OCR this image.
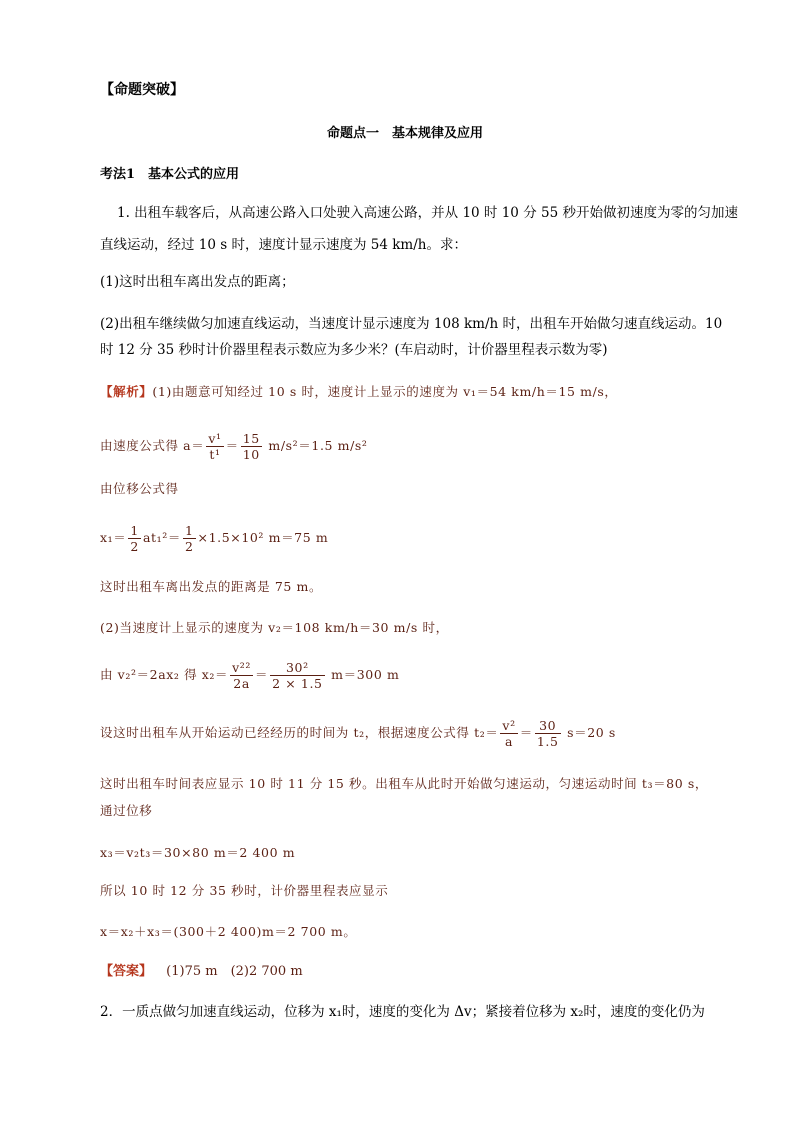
【命题突破】
命题点一　基本规律及应用
考法1　基本公式的应用
1. 出租车载客后，从高速公路入口处驶入高速公路，并从 10 时 10 分 55 秒开始做初速度为零的匀加速
直线运动，经过 10 s 时，速度计显示速度为 54 km/h。求：
(1)这时出租车离出发点的距离；
(2)出租车继续做匀加速直线运动，当速度计显示速度为 108 km/h 时，出租车开始做匀速直线运动。10
时 12 分 35 秒时计价器里程表示数应为多少米？(车启动时，计价器里程表示数为零)
【解析】(1)由题意可知经过 10 s 时，速度计上显示的速度为 v₁＝54 km/h＝15 m/s，
由速度公式得 $a= \frac{\text{v¹}}{\text{t¹}} = \frac{15}{10} m/s^2=1.5$ m/s²
由位移公式得
$x_1= \frac{1}{2} at_1^2= \frac{1}{2} \times 1.5\times 10^2$ m＝75 m
这时出租车离出发点的距离是 75 m。
(2)当速度计上显示的速度为 v₂＝108 km/h＝30 m/s 时，
由 v₂²＝2ax₂ 得 $x_2= \frac{\text{v²²}}{2a} = \frac{\text{30²}}{2 \times 1.5} m=300$ m
设这时出租车从开始运动已经经历的时间为 t₂，根据速度公式得 $t_2= \frac{\text{v²}}{a} = \frac{30}{1.5} s=20$ s
这时出租车时间表应显示 10 时 11 分 15 秒。出租车从此时开始做匀速运动，匀速运动时间 t₃＝80 s，
通过位移
x₃＝v₂t₃＝30×80 m＝2 400 m
所以 10 时 12 分 35 秒时，计价器里程表应显示
x＝x₂＋x₃＝(300＋2 400)m＝2 700 m。
【答案】 (1)75 m　(2)2 700 m
2．一质点做匀加速直线运动，位移为 x₁时，速度的变化为 Δv；紧接着位移为 x₂时，速度的变化仍为
